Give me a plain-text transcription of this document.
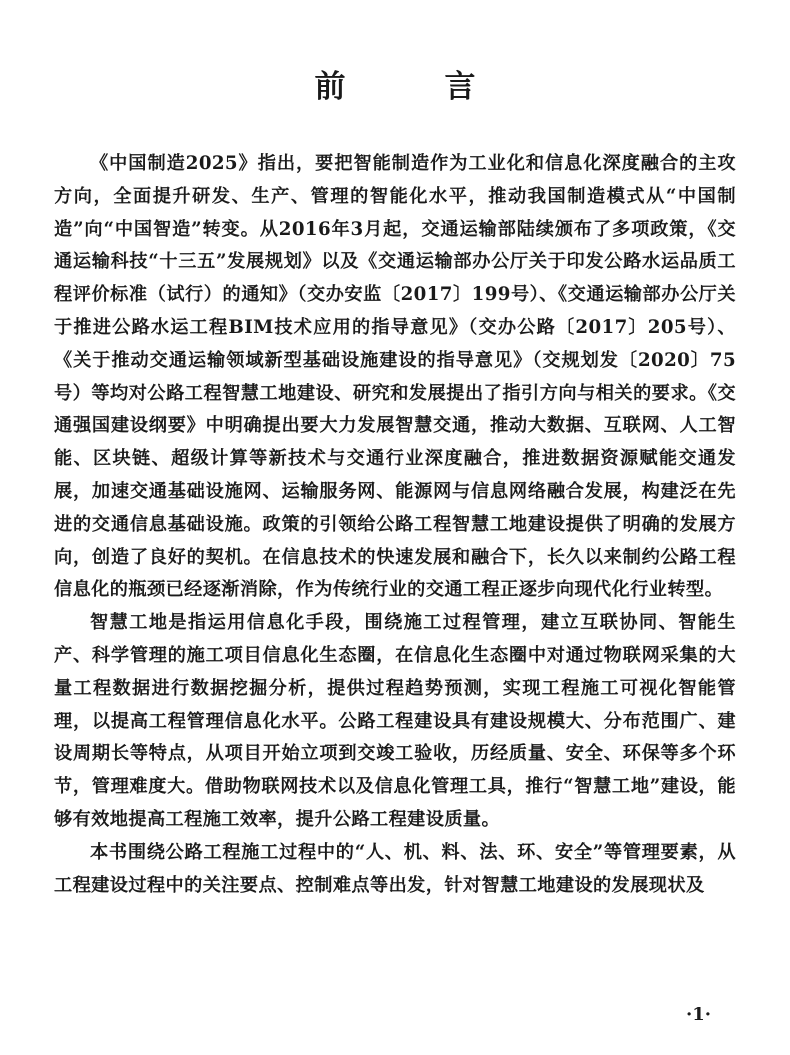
前　言

《中国制造2025》指出，要把智能制造作为工业化和信息化深度融合的主攻方向，全面提升研发、生产、管理的智能化水平，推动我国制造模式从“中国制造”向“中国智造”转变。从2016年3月起，交通运输部陆续颁布了多项政策，《交通运输科技“十三五”发展规划》以及《交通运输部办公厅关于印发公路水运品质工程评价标准（试行）的通知》（交办安监〔2017〕199号）、《交通运输部办公厅关于推进公路水运工程BIM技术应用的指导意见》（交办公路〔2017〕205号）、《关于推动交通运输领域新型基础设施建设的指导意见》（交规划发〔2020〕75号）等均对公路工程智慧工地建设、研究和发展提出了指引方向与相关的要求。《交通强国建设纲要》中明确提出要大力发展智慧交通，推动大数据、互联网、人工智能、区块链、超级计算等新技术与交通行业深度融合，推进数据资源赋能交通发展，加速交通基础设施网、运输服务网、能源网与信息网络融合发展，构建泛在先进的交通信息基础设施。政策的引领给公路工程智慧工地建设提供了明确的发展方向，创造了良好的契机。在信息技术的快速发展和融合下，长久以来制约公路工程信息化的瓶颈已经逐渐消除，作为传统行业的交通工程正逐步向现代化行业转型。

智慧工地是指运用信息化手段，围绕施工过程管理，建立互联协同、智能生产、科学管理的施工项目信息化生态圈，在信息化生态圈中对通过物联网采集的大量工程数据进行数据挖掘分析，提供过程趋势预测，实现工程施工可视化智能管理，以提高工程管理信息化水平。公路工程建设具有建设规模大、分布范围广、建设周期长等特点，从项目开始立项到交竣工验收，历经质量、安全、环保等多个环节，管理难度大。借助物联网技术以及信息化管理工具，推行“智慧工地”建设，能够有效地提高工程施工效率，提升公路工程建设质量。

本书围绕公路工程施工过程中的“人、机、料、法、环、安全”等管理要素，从工程建设过程中的关注要点、控制难点等出发，针对智慧工地建设的发展现状及

·1·
